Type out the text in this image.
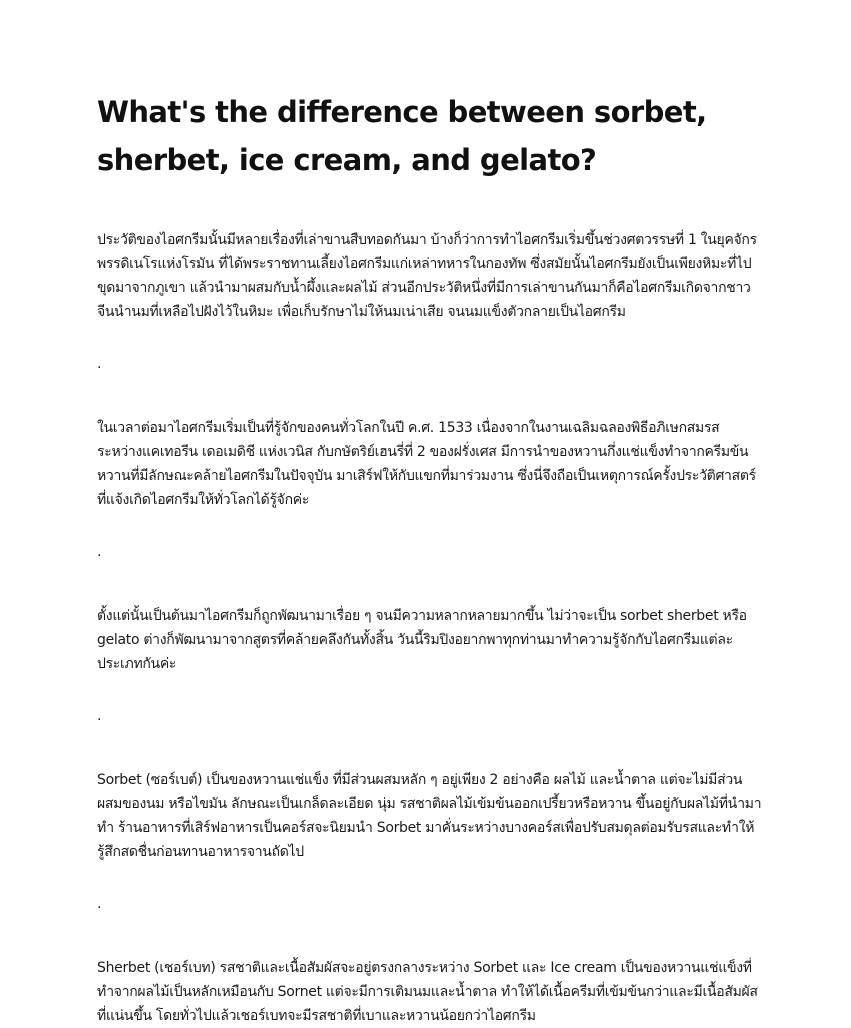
What's the difference between sorbet, sherbet, ice cream, and gelato?

ประวัติของไอศกรีมนั้นมีหลายเรื่องที่เล่าขานสืบทอดกันมา บ้างก็ว่าการทำไอศกรีมเริ่มขึ้นช่วงศตวรรษที่ 1 ในยุคจักรพรรดิเนโรแห่งโรมัน ที่ได้พระราชทานเลี้ยงไอศกรีมแก่เหล่าทหารในกองทัพ ซึ่งสมัยนั้นไอศกรีมยังเป็นเพียงหิมะที่ไปขุดมาจากภูเขา แล้วนำมาผสมกับน้ำผึ้งและผลไม้ ส่วนอีกประวัติหนึ่งที่มีการเล่าขานกันมาก็คือไอศกรีมเกิดจากชาวจีนนำนมที่เหลือไปฝังไว้ในหิมะ เพื่อเก็บรักษาไม่ให้นมเน่าเสีย จนนมแข็งตัวกลายเป็นไอศกรีม

.

ในเวลาต่อมาไอศกรีมเริ่มเป็นที่รู้จักของคนทั่วโลกในปี ค.ศ. 1533 เนื่องจากในงานเฉลิมฉลองพิธีอภิเษกสมรสระหว่างแคเทอรีน เดอเมดิชี แห่งเวนิส กับกษัตริย์เฮนรี่ที่ 2 ของฝรั่งเศส มีการนำของหวานกึ่งแช่แข็งทำจากครีมข้นหวานที่มีลักษณะคล้ายไอศกรีมในปัจจุบัน มาเสิร์ฟให้กับแขกที่มาร่วมงาน ซึ่งนี่จึงถือเป็นเหตุการณ์ครั้งประวัติศาสตร์ที่แจ้งเกิดไอศกรีมให้ทั่วโลกได้รู้จักค่ะ

.

ตั้งแต่นั้นเป็นต้นมาไอศกรีมก็ถูกพัฒนามาเรื่อย ๆ จนมีความหลากหลายมากขึ้น ไม่ว่าจะเป็น sorbet sherbet หรือ gelato ต่างก็พัฒนามาจากสูตรที่คล้ายคลึงกันทั้งสิ้น วันนี้ริมปิงอยากพาทุกท่านมาทำความรู้จักกับไอศกรีมแต่ละประเภทกันค่ะ

.

Sorbet (ซอร์เบต์) เป็นของหวานแช่แข็ง ที่มีส่วนผสมหลัก ๆ อยู่เพียง 2 อย่างคือ ผลไม้ และน้ำตาล แต่จะไม่มีส่วนผสมของนม หรือไขมัน ลักษณะเป็นเกล็ดละเอียด นุ่ม รสชาติผลไม้เข้มข้นออกเปรี้ยวหรือหวาน ขึ้นอยู่กับผลไม้ที่นำมาทำ ร้านอาหารที่เสิร์ฟอาหารเป็นคอร์สจะนิยมนำ Sorbet มาคั่นระหว่างบางคอร์สเพื่อปรับสมดุลต่อมรับรสและทำให้รู้สึกสดชื่นก่อนทานอาหารจานถัดไป

.

Sherbet (เชอร์เบท) รสชาติและเนื้อสัมผัสจะอยู่ตรงกลางระหว่าง Sorbet และ Ice cream เป็นของหวานแช่แข็งที่ทำจากผลไม้เป็นหลักเหมือนกับ Sornet แต่จะมีการเติมนมและน้ำตาล ทำให้ได้เนื้อครีมที่เข้มข้นกว่าและมีเนื้อสัมผัสที่แน่นขึ้น โดยทั่วไปแล้วเชอร์เบทจะมีรสชาติที่เบาและหวานน้อยกว่าไอศกรีม
